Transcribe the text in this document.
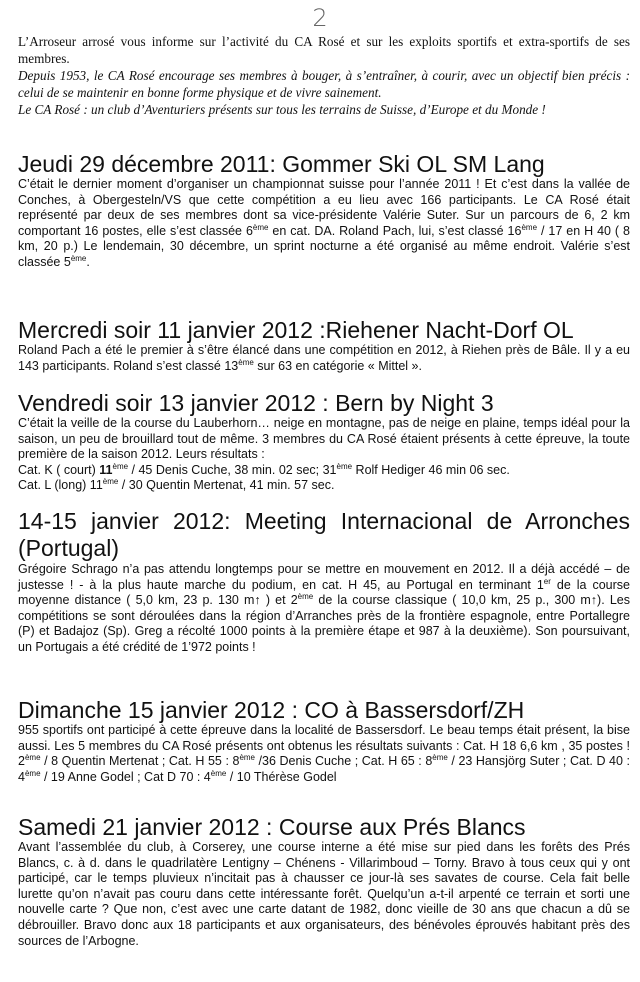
2

L’Arroseur arrosé vous informe sur l’activité du CA Rosé et sur les exploits sportifs et extra-sportifs de ses membres.

Depuis 1953, le CA Rosé encourage ses membres à bouger, à s’entraîner, à courir, avec un objectif bien précis : celui de se maintenir en bonne forme physique et de vivre sainement.

Le CA Rosé : un club d’Aventuriers présents sur tous les terrains de Suisse, d’Europe et du Monde !

Jeudi 29 décembre 2011: Gommer Ski OL SM Lang

C’était le dernier moment d’organiser un championnat suisse pour l’année 2011 ! Et c’est dans la vallée de Conches, à Obergesteln/VS que cette compétition a eu lieu avec 166 participants. Le CA Rosé était représenté par deux de ses membres dont sa vice-présidente Valérie Suter. Sur un parcours de 6, 2 km comportant 16 postes, elle s’est classée 6ème en cat. DA. Roland Pach, lui, s’est classé 16ème / 17 en H 40 ( 8 km, 20 p.) Le lendemain, 30 décembre, un sprint nocturne a été organisé au même endroit. Valérie s’est classée 5ème.

Mercredi soir 11 janvier 2012 :Riehener Nacht-Dorf OL

Roland Pach a été le premier à s’être élancé dans une compétition en 2012, à Riehen près de Bâle. Il y a eu 143 participants. Roland s’est classé 13ème sur 63 en catégorie « Mittel ».

Vendredi soir 13 janvier 2012 : Bern by Night 3

C’était la veille de la course du Lauberhorn… neige en montagne, pas de neige en plaine, temps idéal pour la saison, un peu de brouillard tout de même. 3 membres du CA Rosé étaient présents à cette épreuve, la toute première de la saison 2012. Leurs résultats :
Cat. K ( court) 11ème / 45 Denis Cuche, 38 min. 02 sec; 31ème Rolf Hediger 46 min 06 sec.
Cat. L (long) 11ème / 30 Quentin Mertenat, 41 min. 57 sec.

14-15 janvier 2012: Meeting Internacional de Arronches (Portugal)

Grégoire Schrago n’a pas attendu longtemps pour se mettre en mouvement en 2012. Il a déjà accédé – de justesse ! - à la plus haute marche du podium, en cat. H 45, au Portugal en terminant 1er de la course moyenne distance ( 5,0 km, 23 p. 130 m↑ ) et 2ème de la course classique ( 10,0 km, 25 p., 300 m↑). Les compétitions se sont déroulées dans la région d’Arranches près de la frontière espagnole, entre Portallegre (P) et Badajoz (Sp). Greg a récolté 1000 points à la première étape et 987 à la deuxième). Son poursuivant, un Portugais a été crédité de 1’972 points !

Dimanche 15 janvier 2012 : CO à Bassersdorf/ZH

955 sportifs ont participé à cette épreuve dans la localité de Bassersdorf. Le beau temps était présent, la bise aussi. Les 5 membres du CA Rosé présents ont obtenus les résultats suivants : Cat. H 18 6,6 km , 35 postes ! 2ème / 8 Quentin Mertenat ; Cat. H 55 : 8ème /36 Denis Cuche ; Cat. H 65 : 8ème / 23 Hansjörg Suter ; Cat. D 40 : 4ème / 19 Anne Godel ; Cat D 70 : 4ème / 10 Thérèse Godel

Samedi 21 janvier 2012 : Course aux Prés Blancs

Avant l’assemblée du club, à Corserey, une course interne a été mise sur pied dans les forêts des Prés Blancs, c. à d. dans le quadrilatère Lentigny – Chénens - Villarimboud – Torny. Bravo à tous ceux qui y ont participé, car le temps pluvieux n’incitait pas à chausser ce jour-là ses savates de course. Cela fait belle lurette qu’on n’avait pas couru dans cette intéressante forêt. Quelqu’un a-t-il arpenté ce terrain et sorti une nouvelle carte ? Que non, c’est avec une carte datant de 1982, donc vieille de 30 ans que chacun a dû se débrouiller. Bravo donc aux 18 participants et aux organisateurs, des bénévoles éprouvés habitant près des sources de l’Arbogne.
